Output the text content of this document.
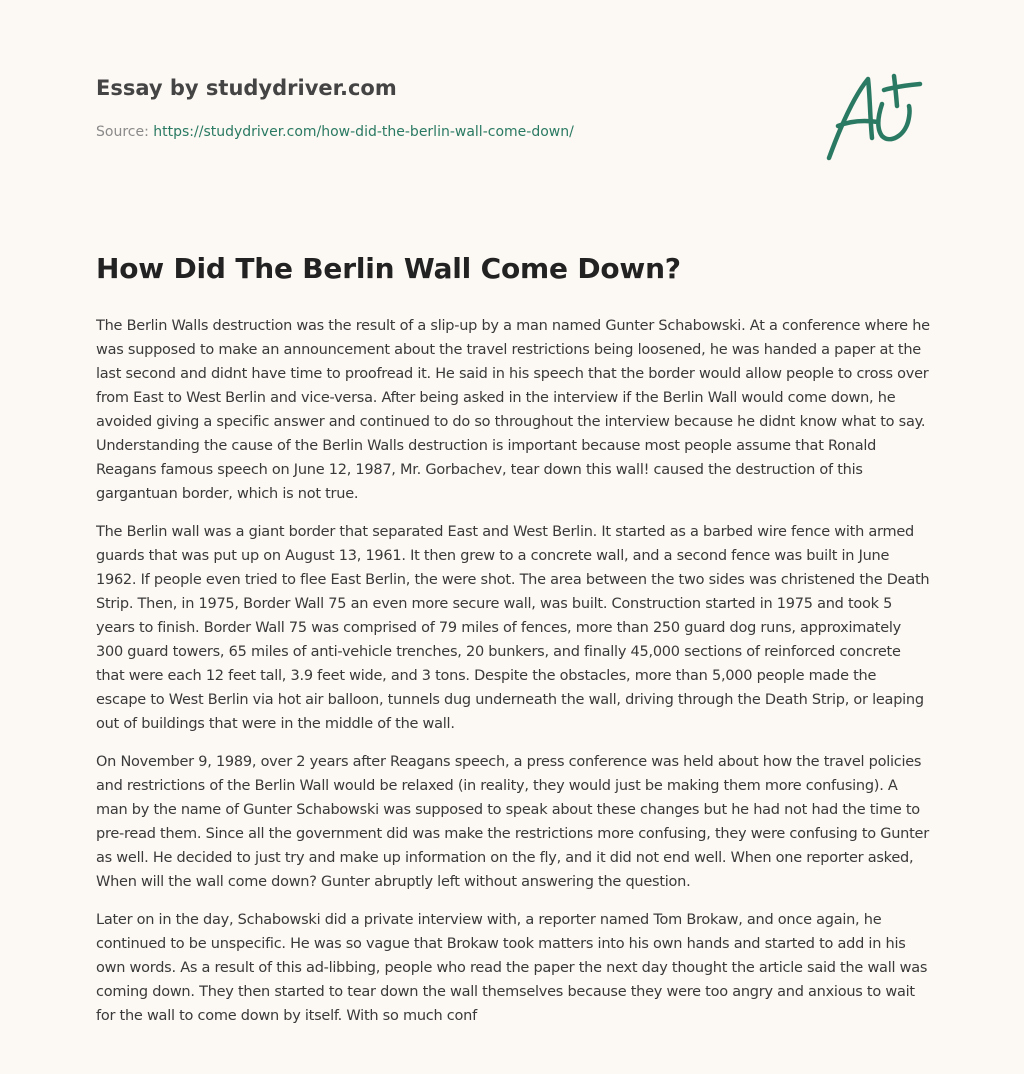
Essay by studydriver.com
Source: https://studydriver.com/how-did-the-berlin-wall-come-down/
How Did The Berlin Wall Come Down?

The Berlin Walls destruction was the result of a slip-up by a man named Gunter Schabowski. At a conference where he was supposed to make an announcement about the travel restrictions being loosened, he was handed a paper at the last second and didnt have time to proofread it. He said in his speech that the border would allow people to cross over from East to West Berlin and vice-versa. After being asked in the interview if the Berlin Wall would come down, he avoided giving a specific answer and continued to do so throughout the interview because he didnt know what to say. Understanding the cause of the Berlin Walls destruction is important because most people assume that Ronald Reagans famous speech on June 12, 1987, Mr. Gorbachev, tear down this wall! caused the destruction of this gargantuan border, which is not true.

The Berlin wall was a giant border that separated East and West Berlin. It started as a barbed wire fence with armed guards that was put up on August 13, 1961. It then grew to a concrete wall, and a second fence was built in June 1962. If people even tried to flee East Berlin, the were shot. The area between the two sides was christened the Death Strip. Then, in 1975, Border Wall 75 an even more secure wall, was built. Construction started in 1975 and took 5 years to finish. Border Wall 75 was comprised of 79 miles of fences, more than 250 guard dog runs, approximately 300 guard towers, 65 miles of anti-vehicle trenches, 20 bunkers, and finally 45,000 sections of reinforced concrete that were each 12 feet tall, 3.9 feet wide, and 3 tons. Despite the obstacles, more than 5,000 people made the escape to West Berlin via hot air balloon, tunnels dug underneath the wall, driving through the Death Strip, or leaping out of buildings that were in the middle of the wall.

On November 9, 1989, over 2 years after Reagans speech, a press conference was held about how the travel policies and restrictions of the Berlin Wall would be relaxed (in reality, they would just be making them more confusing). A man by the name of Gunter Schabowski was supposed to speak about these changes but he had not had the time to pre-read them. Since all the government did was make the restrictions more confusing, they were confusing to Gunter as well. He decided to just try and make up information on the fly, and it did not end well. When one reporter asked, When will the wall come down? Gunter abruptly left without answering the question.

Later on in the day, Schabowski did a private interview with, a reporter named Tom Brokaw, and once again, he continued to be unspecific. He was so vague that Brokaw took matters into his own hands and started to add in his own words. As a result of this ad-libbing, people who read the paper the next day thought the article said the wall was coming down. They then started to tear down the wall themselves because they were too angry and anxious to wait for the wall to come down by itself. With so much conf
